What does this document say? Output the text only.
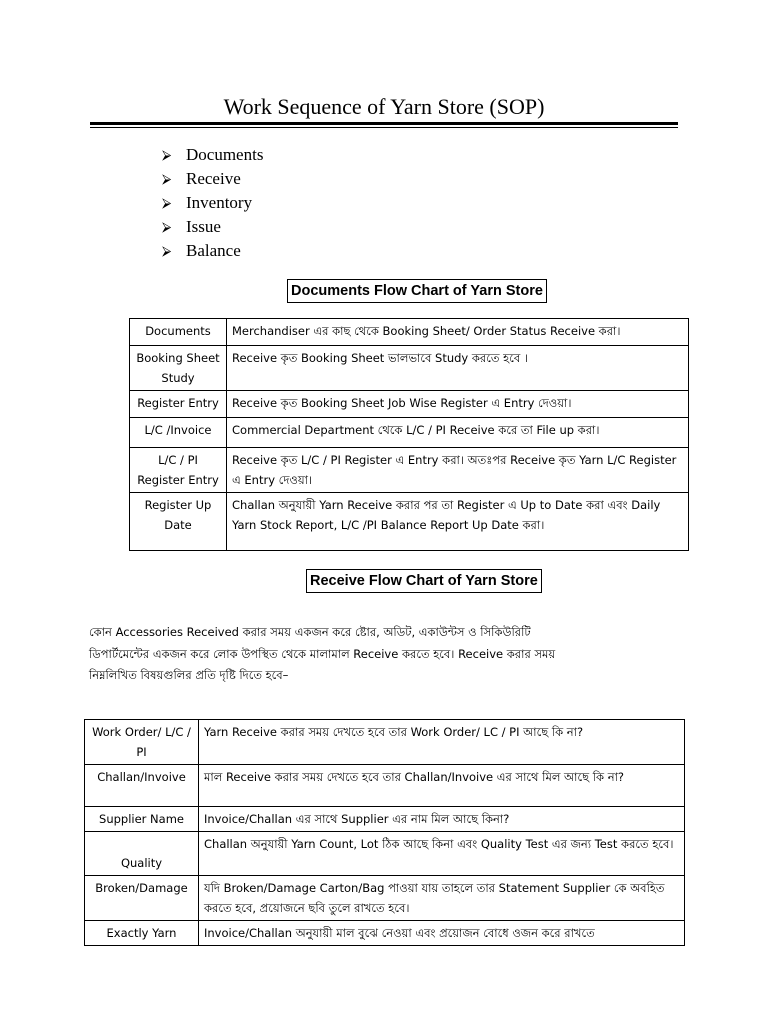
Work Sequence of Yarn Store (SOP)
⮚ Documents
⮚ Receive
⮚ Inventory
⮚ Issue
⮚ Balance
Documents Flow Chart of Yarn Store
Documents	Merchandiser এর কাছ থেকে Booking Sheet/ Order Status Receive করা।
Booking Sheet Study	Receive কৃত Booking Sheet ভালভাবে Study করতে হবে ।
Register Entry	Receive কৃত Booking Sheet Job Wise Register এ Entry দেওয়া।
L/C /Invoice	Commercial Department থেকে L/C / PI Receive করে তা File up করা।
L/C / PI Register Entry	Receive কৃত L/C / PI Register এ Entry করা। অতঃপর Receive কৃত Yarn L/C Register এ Entry দেওয়া।
Register Up Date	Challan অনুযায়ী Yarn Receive করার পর তা Register এ Up to Date করা এবং Daily Yarn Stock Report, L/C /PI Balance Report Up Date করা।
Receive Flow Chart of Yarn Store
কোন Accessories Received করার সময় একজন করে ষ্টোর, অডিট, একাউন্টস ও সিকিউরিটি
ডিপার্টমেন্টের একজন করে লোক উপস্থিত থেকে মালামাল Receive করতে হবে। Receive করার সময়
নিম্নলিখিত বিষয়গুলির প্রতি দৃষ্টি দিতে হবে–
Work Order/ L/C / PI	Yarn Receive করার সময় দেখতে হবে তার Work Order/ LC / PI আছে কি না?
Challan/Invoive	মাল Receive করার সময় দেখতে হবে তার Challan/Invoive এর সাথে মিল আছে কি না?
Supplier Name	Invoice/Challan এর সাথে Supplier এর নাম মিল আছে কিনা?
Quality	Challan অনুযায়ী Yarn Count, Lot ঠিক আছে কিনা এবং Quality Test এর জন্য Test করতে হবে।
Broken/Damage	যদি Broken/Damage Carton/Bag পাওয়া যায় তাহলে তার Statement Supplier কে অবহিত করতে হবে, প্রয়োজনে ছবি তুলে রাখতে হবে।
Exactly Yarn	Invoice/Challan অনুযায়ী মাল বুঝে নেওয়া এবং প্রয়োজন বোধে ওজন করে রাখতে
